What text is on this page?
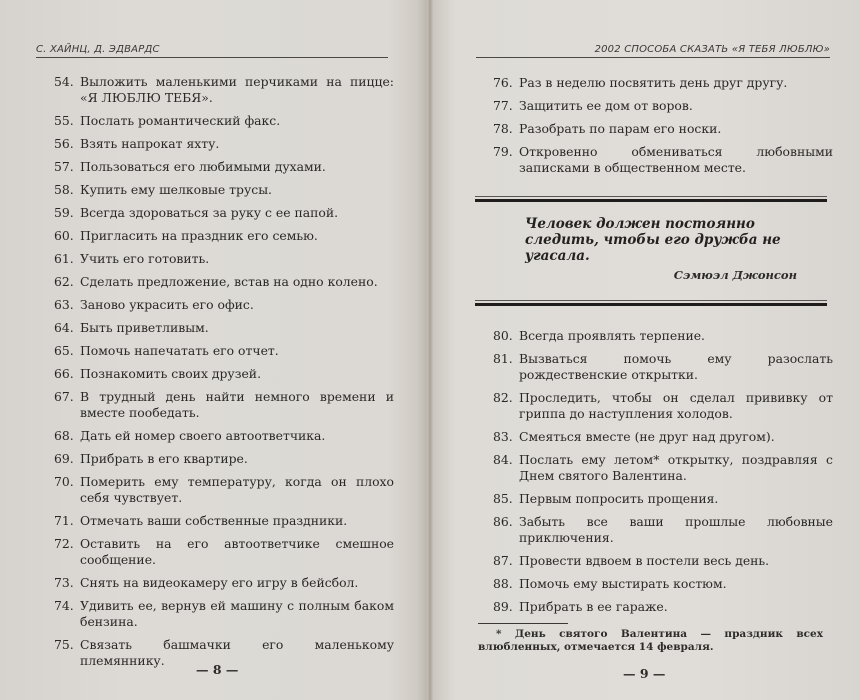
С. ХАЙНЦ, Д. ЭДВАРДС
54. Выложить маленькими перчиками на пицце: «Я ЛЮБЛЮ ТЕБЯ».
55. Послать романтический факс.
56. Взять напрокат яхту.
57. Пользоваться его любимыми духами.
58. Купить ему шелковые трусы.
59. Всегда здороваться за руку с ее папой.
60. Пригласить на праздник его семью.
61. Учить его готовить.
62. Сделать предложение, встав на одно колено.
63. Заново украсить его офис.
64. Быть приветливым.
65. Помочь напечатать его отчет.
66. Познакомить своих друзей.
67. В трудный день найти немного времени и вместе пообедать.
68. Дать ей номер своего автоответчика.
69. Прибрать в его квартире.
70. Померить ему температуру, когда он плохо себя чувствует.
71. Отмечать ваши собственные праздники.
72. Оставить на его автоответчике смешное сообщение.
73. Снять на видеокамеру его игру в бейсбол.
74. Удивить ее, вернув ей машину с полным баком бензина.
75. Связать башмачки его маленькому племяннику.
— 8 —
2002 СПОСОБА СКАЗАТЬ «Я ТЕБЯ ЛЮБЛЮ»
76. Раз в неделю посвятить день друг другу.
77. Защитить ее дом от воров.
78. Разобрать по парам его носки.
79. Откровенно обмениваться любовными записками в общественном месте.
Человек должен постоянно следить, чтобы его дружба не угасала.
Сэмюэл Джонсон
80. Всегда проявлять терпение.
81. Вызваться помочь ему разослать рождественские открытки.
82. Проследить, чтобы он сделал прививку от гриппа до наступления холодов.
83. Смеяться вместе (не друг над другом).
84. Послать ему летом* открытку, поздравляя с Днем святого Валентина.
85. Первым попросить прощения.
86. Забыть все ваши прошлые любовные приключения.
87. Провести вдвоем в постели весь день.
88. Помочь ему выстирать костюм.
89. Прибрать в ее гараже.
* День святого Валентина — праздник всех влюбленных, отмечается 14 февраля.
— 9 —
